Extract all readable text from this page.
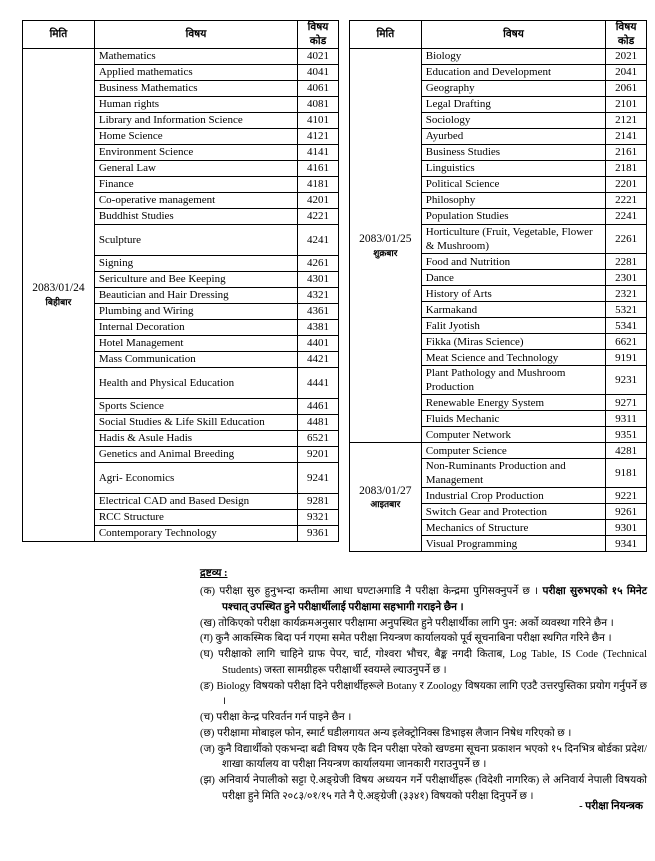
मिति	विषय	विषय कोड

2083/01/24
बिहीबार	Mathematics	4021
	Applied mathematics	4041
	Business Mathematics	4061
	Human rights	4081
	Library and Information Science	4101
	Home Science	4121
	Environment Science	4141
	General Law	4161
	Finance	4181
	Co-operative management	4201
	Buddhist Studies	4221
	Sculpture	4241
	Signing	4261
	Sericulture and Bee Keeping	4301
	Beautician and Hair Dressing	4321
	Plumbing and Wiring	4361
	Internal Decoration	4381
	Hotel Management	4401
	Mass Communication	4421
	Health and Physical Education	4441
	Sports Science	4461
	Social Studies & Life Skill Education	4481
	Hadis & Asule Hadis	6521
	Genetics and Animal Breeding	9201
	Agri- Economics	9241
	Electrical CAD and Based Design	9281
	RCC Structure	9321
	Contemporary Technology	9361
मिति	विषय	विषय कोड

2083/01/25
शुक्रबार	Biology	2021
	Education and Development	2041
	Geography	2061
	Legal Drafting	2101
	Sociology	2121
	Ayurbed	2141
	Business Studies	2161
	Linguistics	2181
	Political Science	2201
	Philosophy	2221
	Population Studies	2241
	Horticulture (Fruit, Vegetable, Flower & Mushroom)	2261
	Food and Nutrition	2281
	Dance	2301
	History of Arts	2321
	Karmakand	5321
	Falit Jyotish	5341
	Fikka (Miras Science)	6621
	Meat Science and Technology	9191
	Plant Pathology and Mushroom Production	9231
	Renewable Energy System	9271
	Fluids Mechanic	9311
	Computer Network	9351

2083/01/27
आइतबार	Computer Science	4281
	Non-Ruminants Production and Management	9181
	Industrial Crop Production	9221
	Switch Gear and Protection	9261
	Mechanics of Structure	9301
	Visual Programming	9341
द्रष्टव्य :
(क) परीक्षा सुरु हुनुभन्दा कम्तीमा आधा घण्टाअगाडि नै परीक्षा केन्द्रमा पुगिसक्नुपर्ने छ । परीक्षा सुरुभएको १५ मिनेट पश्चात् उपस्थित हुने परीक्षार्थीलाई परीक्षामा सहभागी गराइने छैन ।
(ख) तोकिएको परीक्षा कार्यक्रमअनुसार परीक्षामा अनुपस्थित हुने परीक्षार्थीका लागि पुन: अर्को व्यवस्था गरिने छैन ।
(ग) कुनै आकस्मिक बिदा पर्न गएमा समेत परीक्षा नियन्त्रण कार्यालयको पूर्व सूचनाबिना परीक्षा स्थगित गरिने छैन ।
(घ) परीक्षाको लागि चाहिने ग्राफ पेपर, चार्ट, गोश्वरा भौचर, बैङ्क नगदी किताब, Log Table, IS Code (Technical Students) जस्ता सामग्रीहरू परीक्षार्थी स्वयम्ले ल्याउनुपर्ने छ ।
(ङ) Biology विषयको परीक्षा दिने परीक्षार्थीहरूले Botany र Zoology विषयका लागि एउटै उत्तरपुस्तिका प्रयोग गर्नुपर्ने छ ।
(च) परीक्षा केन्द्र परिवर्तन गर्न पाइने छैन ।
(छ) परीक्षामा मोबाइल फोन, स्मार्ट घडीलगायत अन्य इलेक्ट्रोनिक्स डिभाइस लैजान निषेध गरिएको छ ।
(ज) कुनै विद्यार्थीको एकभन्दा बढी विषय एकै दिन परीक्षा परेको खण्डमा सूचना प्रकाशन भएको १५ दिनभित्र बोर्डका प्रदेश/शाखा कार्यालय वा परीक्षा नियन्त्रण कार्यालयमा जानकारी गराउनुपर्ने छ ।
(झ) अनिवार्य नेपालीको सट्टा ऐ.अङ्ग्रेजी विषय अध्ययन गर्ने परीक्षार्थीहरू (विदेशी नागरिक) ले अनिवार्य नेपाली विषयको परीक्षा हुने मिति २०८३/०१/१५ गते नै ऐ.अङ्ग्रेजी (३३४१) विषयको परीक्षा दिनुपर्ने छ ।
- परीक्षा नियन्त्रक
